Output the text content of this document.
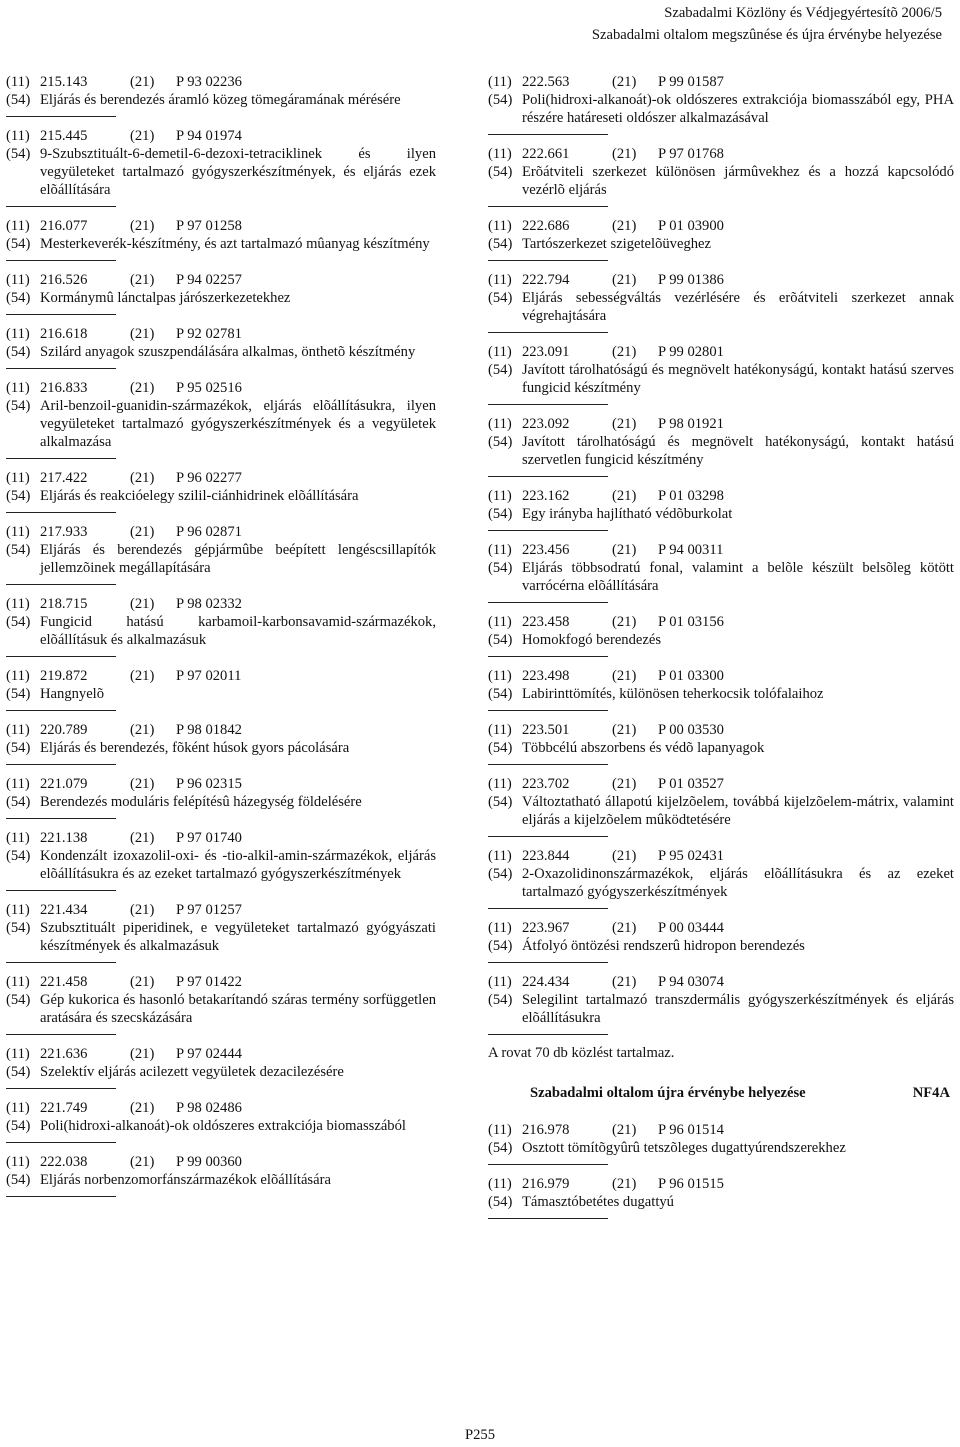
Szabadalmi Közlöny és Védjegyértesítõ 2006/5
Szabadalmi oltalom megszûnése és újra érvénybe helyezése
(11) 215.143	(21)	P 93 02236
(54) Eljárás és berendezés áramló közeg tömegáramának mérésére
(11) 215.445	(21)	P 94 01974
(54) 9-Szubsztituált-6-demetil-6-dezoxi-tetraciklinek és ilyen vegyületeket tartalmazó gyógyszerkészítmények, és eljárás ezek elõállítására
(11) 216.077	(21)	P 97 01258
(54) Mesterkeverék-készítmény, és azt tartalmazó mûanyag készítmény
(11) 216.526	(21)	P 94 02257
(54) Kormánymû lánctalpas járószerkezetekhez
(11) 216.618	(21)	P 92 02781
(54) Szilárd anyagok szuszpendálására alkalmas, önthetõ készítmény
(11) 216.833	(21)	P 95 02516
(54) Aril-benzoil-guanidin-származékok, eljárás elõállításukra, ilyen vegyületeket tartalmazó gyógyszerkészítmények és a vegyületek alkalmazása
(11) 217.422	(21)	P 96 02277
(54) Eljárás és reakcióelegy szilil-ciánhidrinek elõállítására
(11) 217.933	(21)	P 96 02871
(54) Eljárás és berendezés gépjármûbe beépített lengéscsillapítók jellemzõinek megállapítására
(11) 218.715	(21)	P 98 02332
(54) Fungicid hatású karbamoil-karbonsavamid-származékok, elõállításuk és alkalmazásuk
(11) 219.872	(21)	P 97 02011
(54) Hangnyelõ
(11) 220.789	(21)	P 98 01842
(54) Eljárás és berendezés, fõként húsok gyors pácolására
(11) 221.079	(21)	P 96 02315
(54) Berendezés moduláris felépítésû házegység földelésére
(11) 221.138	(21)	P 97 01740
(54) Kondenzált izoxazolil-oxi- és -tio-alkil-amin-származékok, eljárás elõállításukra és az ezeket tartalmazó gyógyszerkészítmények
(11) 221.434	(21)	P 97 01257
(54) Szubsztituált piperidinek, e vegyületeket tartalmazó gyógyászati készítmények és alkalmazásuk
(11) 221.458	(21)	P 97 01422
(54) Gép kukorica és hasonló betakarítandó száras termény sorfüggetlen aratására és szecskázására
(11) 221.636	(21)	P 97 02444
(54) Szelektív eljárás acilezett vegyületek dezacilezésére
(11) 221.749	(21)	P 98 02486
(54) Poli(hidroxi-alkanoát)-ok oldószeres extrakciója biomasszából
(11) 222.038	(21)	P 99 00360
(54) Eljárás norbenzomorfánszármazékok elõállítására
(11) 222.563	(21)	P 99 01587
(54) Poli(hidroxi-alkanoát)-ok oldószeres extrakciója biomasszából egy, PHA részére határeseti oldószer alkalmazásával
(11) 222.661	(21)	P 97 01768
(54) Erõátviteli szerkezet különösen jármûvekhez és a hozzá kapcsolódó vezérlõ eljárás
(11) 222.686	(21)	P 01 03900
(54) Tartószerkezet szigetelõüveghez
(11) 222.794	(21)	P 99 01386
(54) Eljárás sebességváltás vezérlésére és erõátviteli szerkezet annak végrehajtására
(11) 223.091	(21)	P 99 02801
(54) Javított tárolhatóságú és megnövelt hatékonyságú, kontakt hatású szerves fungicid készítmény
(11) 223.092	(21)	P 98 01921
(54) Javított tárolhatóságú és megnövelt hatékonyságú, kontakt hatású szervetlen fungicid készítmény
(11) 223.162	(21)	P 01 03298
(54) Egy irányba hajlítható védõburkolat
(11) 223.456	(21)	P 94 00311
(54) Eljárás többsodratú fonal, valamint a belõle készült belsõleg kötött varrócérna elõállítására
(11) 223.458	(21)	P 01 03156
(54) Homokfogó berendezés
(11) 223.498	(21)	P 01 03300
(54) Labirinttömítés, különösen teherkocsik tolófalaihoz
(11) 223.501	(21)	P 00 03530
(54) Többcélú abszorbens és védõ lapanyagok
(11) 223.702	(21)	P 01 03527
(54) Változtatható állapotú kijelzõelem, továbbá kijelzõelem-mátrix, valamint eljárás a kijelzõelem mûködtetésére
(11) 223.844	(21)	P 95 02431
(54) 2-Oxazolidinonszármazékok, eljárás elõállításukra és az ezeket tartalmazó gyógyszerkészítmények
(11) 223.967	(21)	P 00 03444
(54) Átfolyó öntözési rendszerû hidropon berendezés
(11) 224.434	(21)	P 94 03074
(54) Selegilint tartalmazó transzdermális gyógyszerkészítmények és eljárás elõállításukra
A rovat 70 db közlést tartalmaz.
Szabadalmi oltalom újra érvénybe helyezése	NF4A
(11) 216.978	(21)	P 96 01514
(54) Osztott tömítõgyûrû tetszõleges dugattyúrendszerekhez
(11) 216.979	(21)	P 96 01515
(54) Támasztóbetétes dugattyú
P255
